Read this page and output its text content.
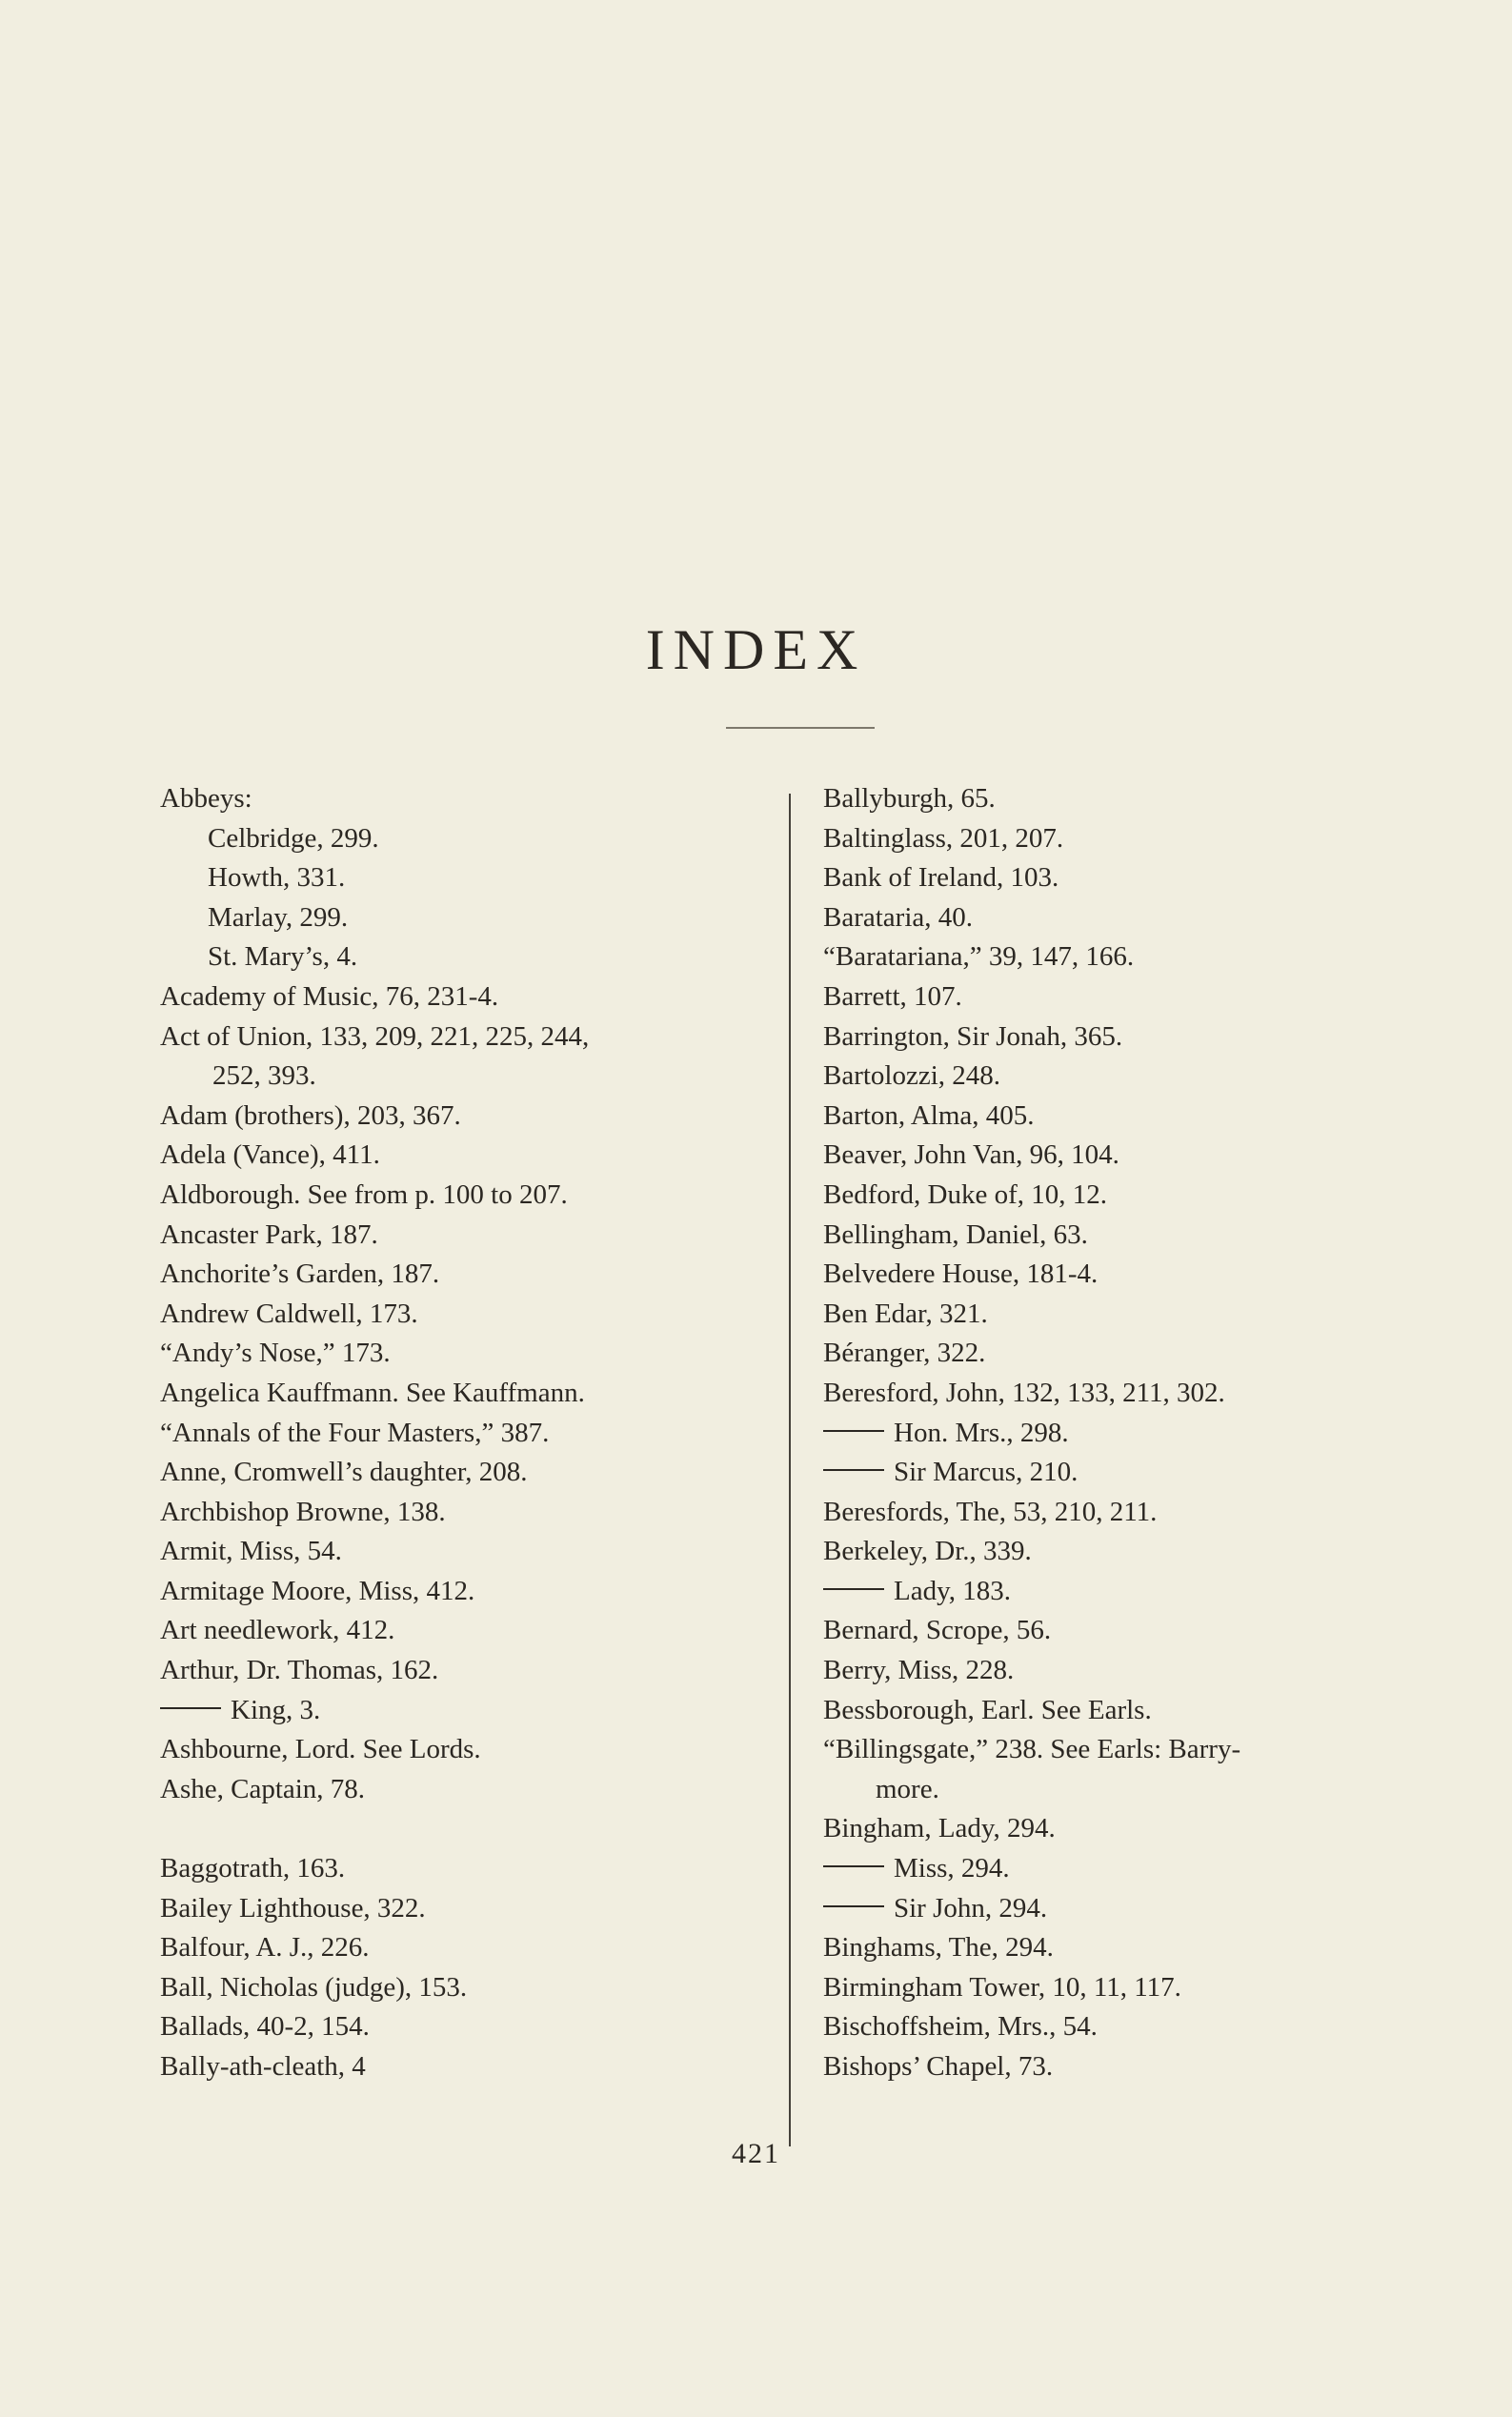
INDEX
Abbeys:
Celbridge, 299.
Howth, 331.
Marlay, 299.
St. Mary’s, 4.
Academy of Music, 76, 231-4.
Act of Union, 133, 209, 221, 225, 244,
252, 393.
Adam (brothers), 203, 367.
Adela (Vance), 411.
Aldborough. See from p. 100 to 207.
Ancaster Park, 187.
Anchorite’s Garden, 187.
Andrew Caldwell, 173.
“Andy’s Nose,” 173.
Angelica Kauffmann. See Kauffmann.
“Annals of the Four Masters,” 387.
Anne, Cromwell’s daughter, 208.
Archbishop Browne, 138.
Armit, Miss, 54.
Armitage Moore, Miss, 412.
Art needlework, 412.
Arthur, Dr. Thomas, 162.
King, 3.
Ashbourne, Lord. See Lords.
Ashe, Captain, 78.
Baggotrath, 163.
Bailey Lighthouse, 322.
Balfour, A. J., 226.
Ball, Nicholas (judge), 153.
Ballads, 40-2, 154.
Bally-ath-cleath, 4
Ballyburgh, 65.
Baltinglass, 201, 207.
Bank of Ireland, 103.
Barataria, 40.
“Baratariana,” 39, 147, 166.
Barrett, 107.
Barrington, Sir Jonah, 365.
Bartolozzi, 248.
Barton, Alma, 405.
Beaver, John Van, 96, 104.
Bedford, Duke of, 10, 12.
Bellingham, Daniel, 63.
Belvedere House, 181-4.
Ben Edar, 321.
Béranger, 322.
Beresford, John, 132, 133, 211, 302.
Hon. Mrs., 298.
Sir Marcus, 210.
Beresfords, The, 53, 210, 211.
Berkeley, Dr., 339.
Lady, 183.
Bernard, Scrope, 56.
Berry, Miss, 228.
Bessborough, Earl. See Earls.
“Billingsgate,” 238. See Earls: Barry-
more.
Bingham, Lady, 294.
Miss, 294.
Sir John, 294.
Binghams, The, 294.
Birmingham Tower, 10, 11, 117.
Bischoffsheim, Mrs., 54.
Bishops’ Chapel, 73.
421
